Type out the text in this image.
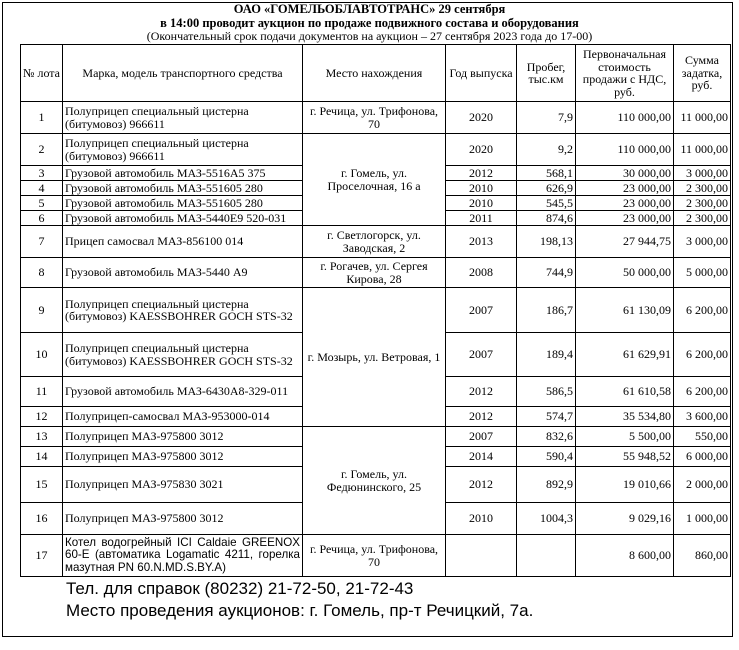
ОАО «ГОМЕЛЬОБЛАВТОТРАНС» 29 сентября
в 14:00 проводит аукцион по продаже подвижного состава и оборудования
(Окончательный срок подачи документов на аукцион – 27 сентября 2023 года до 17-00)
№ лота	Марка, модель транспортного средства	Место нахождения	Год выпуска	Пробег, тыс.км	Первоначальная стоимость продажи с НДС, руб.	Сумма задатка, руб.
1	Полуприцеп специальный цистерна (битумовоз) 966611	г. Речица, ул. Трифонова, 70	2020	7,9	110 000,00	11 000,00
2	Полуприцеп специальный цистерна (битумовоз) 966611	г. Гомель, ул. Проселочная, 16 а	2020	9,2	110 000,00	11 000,00
3	Грузовой автомобиль МАЗ-5516А5 375		2012	568,1	30 000,00	3 000,00
4	Грузовой автомобиль МАЗ-551605 280		2010	626,9	23 000,00	2 300,00
5	Грузовой автомобиль МАЗ-551605 280		2010	545,5	23 000,00	2 300,00
6	Грузовой автомобиль МАЗ-5440Е9 520-031		2011	874,6	23 000,00	2 300,00
7	Прицеп самосвал МАЗ-856100 014	г. Светлогорск, ул. Заводская, 2	2013	198,13	27 944,75	3 000,00
8	Грузовой автомобиль МАЗ-5440 А9	г. Рогачев, ул. Сергея Кирова, 28	2008	744,9	50 000,00	5 000,00
9	Полуприцеп специальный цистерна (битумовоз) KAESSBOHRER GOCH STS-32	г. Мозырь, ул. Ветровая, 1	2007	186,7	61 130,09	6 200,00
10	Полуприцеп специальный цистерна (битумовоз) KAESSBOHRER GOCH STS-32		2007	189,4	61 629,91	6 200,00
11	Грузовой автомобиль МАЗ-6430А8-329-011		2012	586,5	61 610,58	6 200,00
12	Полуприцеп-самосвал МАЗ-953000-014		2012	574,7	35 534,80	3 600,00
13	Полуприцеп МАЗ-975800 3012	г. Гомель, ул. Федюнинского, 25	2007	832,6	5 500,00	550,00
14	Полуприцеп МАЗ-975800 3012		2014	590,4	55 948,52	6 000,00
15	Полуприцеп МАЗ-975830 3021		2012	892,9	19 010,66	2 000,00
16	Полуприцеп МАЗ-975800 3012		2010	1004,3	9 029,16	1 000,00
17	Котел водогрейный ICI Caldaie GREENOX 60-E (автоматика Logamatic 4211, горелка мазутная PN 60.N.MD.S.BY.A)	г. Речица, ул. Трифонова, 70			8 600,00	860,00
Тел. для справок (80232) 21-72-50, 21-72-43
Место проведения аукционов: г. Гомель, пр-т Речицкий, 7а.
